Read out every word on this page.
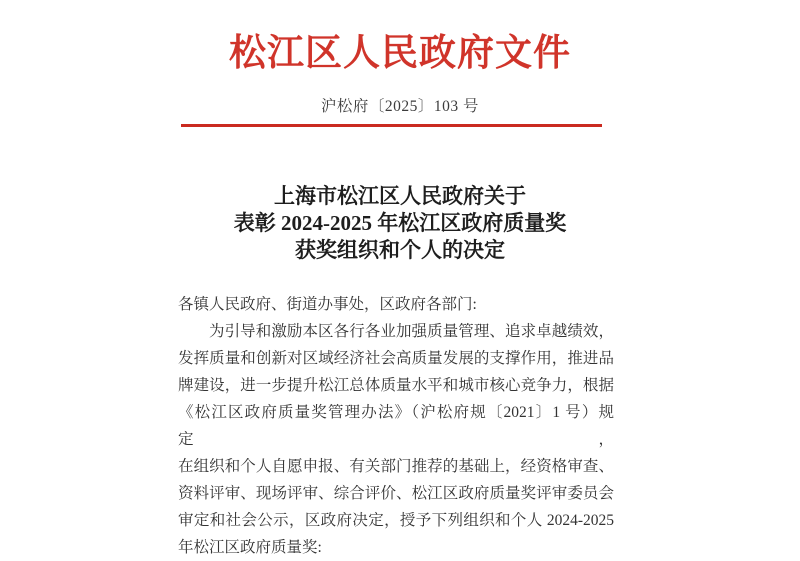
松江区人民政府文件
沪松府〔2025〕103 号
上海市松江区人民政府关于
表彰 2024-2025 年松江区政府质量奖
获奖组织和个人的决定
各镇人民政府、街道办事处，区政府各部门:
为引导和激励本区各行各业加强质量管理、追求卓越绩效，
发挥质量和创新对区域经济社会高质量发展的支撑作用，推进品
牌建设，进一步提升松江总体质量水平和城市核心竞争力，根据
《松江区政府质量奖管理办法》（沪松府规〔2021〕1 号）规定，
在组织和个人自愿申报、有关部门推荐的基础上，经资格审查、
资料评审、现场评审、综合评价、松江区政府质量奖评审委员会
审定和社会公示，区政府决定，授予下列组织和个人 2024-2025
年松江区政府质量奖:
